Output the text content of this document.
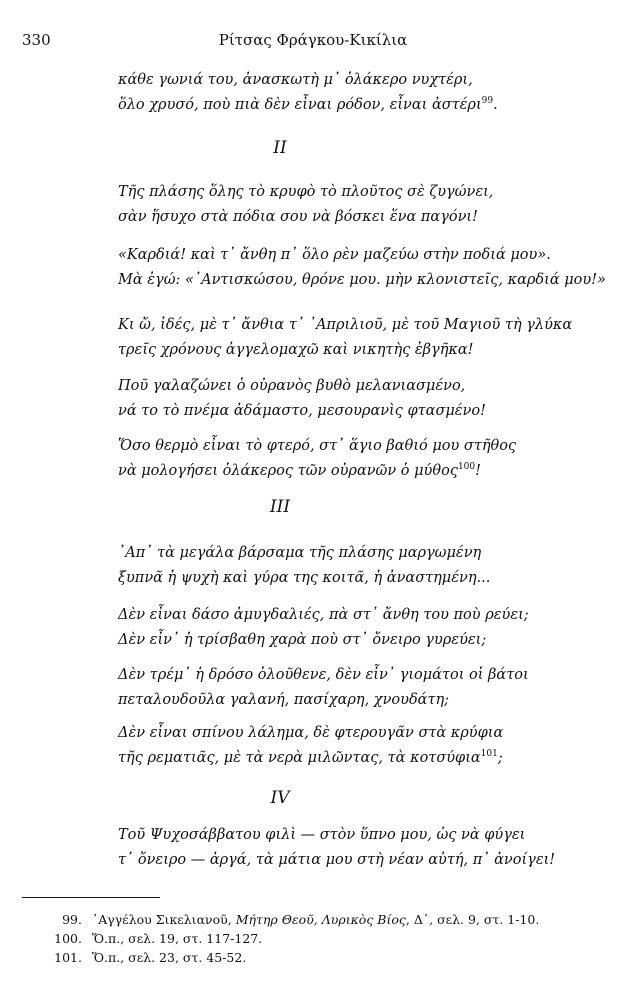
330	Ρίτσας Φράγκου-Κικίλια
κάθε γωνιά του, ἀνασκωτὴ μ᾽ ὁλάκερο νυχτέρι,
ὅλο χρυσό, ποὺ πιὰ δὲν εἶναι ρόδον, εἶναι ἀστέρι$^{99}$.
II
Τῆς πλάσης ὅλης τὸ κρυφὸ τὸ πλοῦτος σὲ ζυγώνει,
σὰν ἥσυχο στὰ πόδια σου νὰ βόσκει ἕνα παγόνι!
«Καρδιά! καὶ τ᾽ ἄνθη π᾽ ὅλο ρὲν μαζεύω στὴν ποδιά μου».
Μὰ ἐγώ: «᾽Αντισκώσου, θρόνε μου. μὴν κλονιστεῖς, καρδιά μου!»
Κι ὤ, ἰδές, μὲ τ᾽ ἄνθια τ᾽ ᾽Απριλιοῦ, μὲ τοῦ Μαγιοῦ τὴ γλύκα
τρεῖς χρόνους ἀγγελομαχῶ καὶ νικητὴς ἐβγῆκα!
Ποῦ γαλαζώνει ὁ οὐρανὸς βυθὸ μελανιασμένο,
νά το τὸ πνέμα ἀδάμαστο, μεσουρανὶς φτασμένο!
Ὅσο θερμὸ εἶναι τὸ φτερό, στ᾽ ἅγιο βαθιό μου στῆθος
νὰ μολογήσει ὁλάκερος τῶν οὐρανῶν ὁ μύθος$^{100}$!
III
᾽Απ᾽ τὰ μεγάλα βάρσαμα τῆς πλάσης μαργωμένη
ξυπνᾶ ἡ ψυχὴ καὶ γύρα της κοιτᾶ, ἡ ἀναστημένη...
Δὲν εἶναι δάσο ἀμυγδαλιές, πὰ στ᾽ ἄνθη του ποὺ ρεύει;
Δὲν εἶν᾽ ἡ τρίσβαθη χαρὰ ποὺ στ᾽ ὄνειρο γυρεύει;
Δὲν τρέμ᾽ ἡ δρόσο ὁλοῦθενε, δὲν εἶν᾽ γιομάτοι οἱ βάτοι
πεταλουδοῦλα γαλανή, πασίχαρη, χνουδάτη;
Δὲν εἶναι σπίνου λάλημα, δὲ φτερουγᾶν στὰ κρύφια
τῆς ρεματιᾶς, μὲ τὰ νερὰ μιλῶντας, τὰ κοτσύφια$^{101}$;
IV
Τοῦ Ψυχοσάββατου φιλὶ — στὸν ὕπνο μου, ὡς νὰ φύγει
τ᾽ ὄνειρο — ἀργά, τὰ μάτια μου στὴ νέαν αὐτή, π᾽ ἀνοίγει!
99. ᾽Αγγέλου Σικελιανοῦ, Μήτηρ Θεοῦ, Λυρικὸς Βίος, Δ᾽, σελ. 9, στ. 1-10.
100. Ὅ.π., σελ. 19, στ. 117-127.
101. Ὅ.π., σελ. 23, στ. 45-52.
